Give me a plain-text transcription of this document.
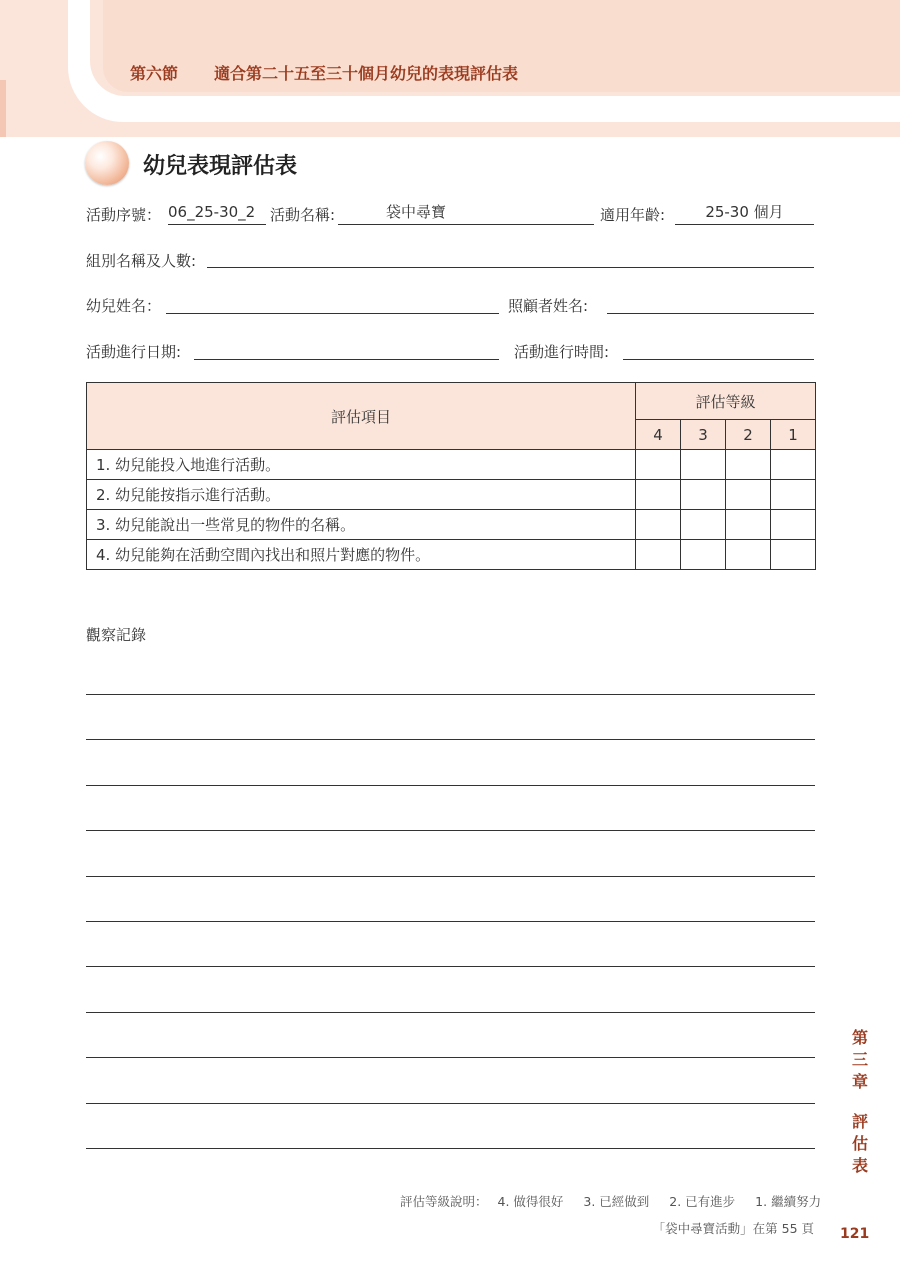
第六節 適合第二十五至三十個月幼兒的表現評估表
幼兒表現評估表
活動序號： 06_25-30_2 活動名稱:	袋中尋寶	適用年齡:	25-30 個月
組別名稱及人數:
幼兒姓名：	照顧者姓名:
活動進行日期:	活動進行時間:
評估項目	評估等級			
	4	3	2	1
1. 幼兒能投入地進行活動。				
2. 幼兒能按指示進行活動。				
3. 幼兒能說出一些常見的物件的名稱。				
4. 幼兒能夠在活動空間內找出和照片對應的物件。				
觀察記錄
第
三
章
評
估
表
評估等級說明： 4. 做得很好 3. 已經做到 2. 已有進步 1. 繼續努力
「袋中尋寶活動」在第 55 頁 121
